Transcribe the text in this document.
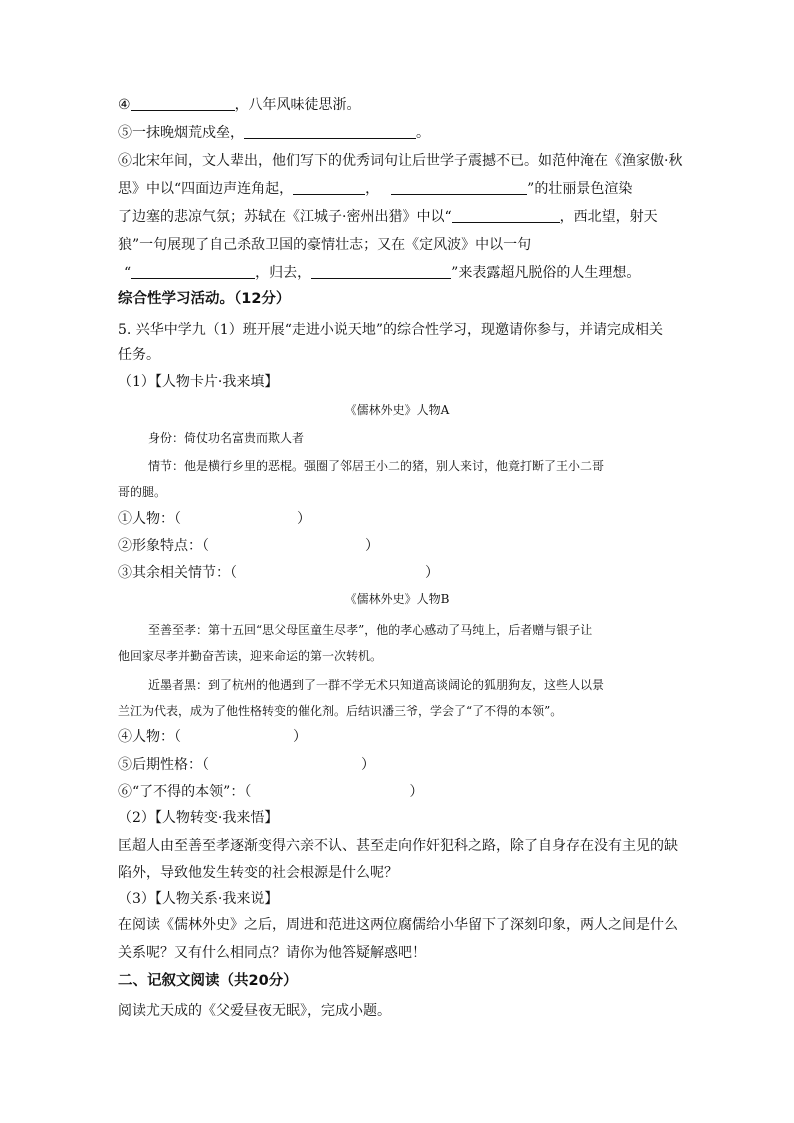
④	，八年风味徒思浙。
⑤一抹晚烟荒戍垒，	。
⑥北宋年间，文人辈出，他们写下的优秀词句让后世学子震撼不已。如范仲淹在《渔家傲·秋
思》中以“四面边声连角起，	，	”的壮丽景色渲染
了边塞的悲凉气氛；苏轼在《江城子·密州出猎》中以“	，西北望，射天
狼”一句展现了自己杀敌卫国的豪情壮志；又在《定风波》中以一句
“	，归去，	”来表露超凡脱俗的人生理想。
综合性学习活动。（12分）
5. 兴华中学九（1）班开展“走进小说天地”的综合性学习，现邀请你参与，并请完成相关
任务。
（1）【人物卡片·我来填】
《儒林外史》人物A
身份：倚仗功名富贵而欺人者
情节：他是横行乡里的恶棍。强圈了邻居王小二的猪，别人来讨，他竟打断了王小二哥
哥的腿。
①人物：（	）
②形象特点：（	）
③其余相关情节：（	）
《儒林外史》人物B
至善至孝：第十五回“思父母匡童生尽孝”，他的孝心感动了马纯上，后者赠与银子让
他回家尽孝并勤奋苦读，迎来命运的第一次转机。
近墨者黑：到了杭州的他遇到了一群不学无术只知道高谈阔论的狐朋狗友，这些人以景
兰江为代表，成为了他性格转变的催化剂。后结识潘三爷，学会了“了不得的本领”。
④人物：（	）
⑤后期性格：（	）
⑥“了不得的本领”：（	）
（2）【人物转变·我来悟】
匡超人由至善至孝逐渐变得六亲不认、甚至走向作奸犯科之路，除了自身存在没有主见的缺
陷外，导致他发生转变的社会根源是什么呢？
（3）【人物关系·我来说】
在阅读《儒林外史》之后，周进和范进这两位腐儒给小华留下了深刻印象，两人之间是什么
关系呢？又有什么相同点？请你为他答疑解惑吧！
二、记叙文阅读（共20分）
阅读尤天成的《父爱昼夜无眠》，完成小题。
